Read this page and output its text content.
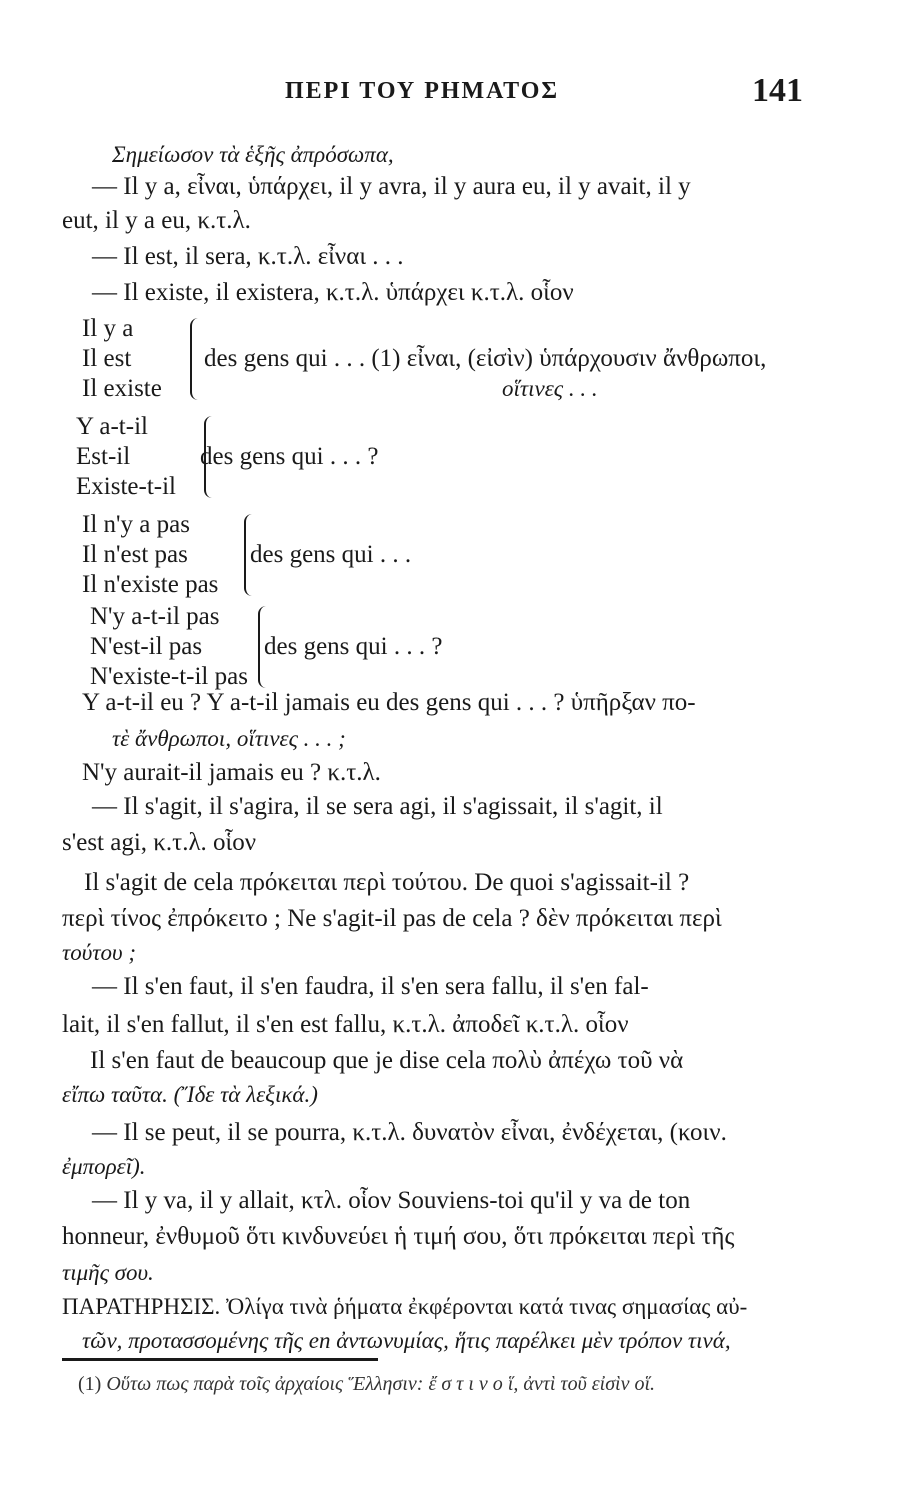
ΠΕΡΙ ΤΟΥ ΡΗΜΑΤΟΣ	141
Σημείωσον τὰ ἑξῆς ἀπρόσωπα,
— Il y a, εἶναι, ὑπάρχει, il y avra, il y aura eu, il y avait, il y
eut, il y a eu, κ.τ.λ.
— Il est, il sera, κ.τ.λ. εἶναι . . .
— Il existe, il existera, κ.τ.λ. ὑπάρχει κ.τ.λ. οἷον
Il y a
Il est
Il existe
des gens qui . . . (1) εἶναι, (εἰσὶν) ὑπάρχουσιν ἄνθρωποι,
οἵτινες . . .
Y a-t-il
Est-il
Existe-t-il
des gens qui . . . ?
Il n'y a pas
Il n'est pas
Il n'existe pas
des gens qui . . .
N'y a-t-il pas
N'est-il pas
N'existe-t-il pas
des gens qui . . . ?
Y a-t-il eu ? Y a-t-il jamais eu des gens qui . . . ? ὑπῆρξαν πο-
τὲ ἄνθρωποι, οἵτινες . . . ;
N'y aurait-il jamais eu ? κ.τ.λ.
— Il s'agit, il s'agira, il se sera agi, il s'agissait, il s'agit, il
s'est agi, κ.τ.λ. οἷον
Il s'agit de cela πρόκειται περὶ τούτου. De quoi s'agissait-il ?
περὶ τίνος ἐπρόκειτο ; Ne s'agit-il pas de cela ? δὲν πρόκειται περὶ
τούτου ;
— Il s'en faut, il s'en faudra, il s'en sera fallu, il s'en fal-
lait, il s'en fallut, il s'en est fallu, κ.τ.λ. ἀποδεῖ κ.τ.λ. οἷον
Il s'en faut de beaucoup que je dise cela πολὺ ἀπέχω τοῦ νὰ
εἴπω ταῦτα. (Ἴδε τὰ λεξικά.)
— Il se peut, il se pourra, κ.τ.λ. δυνατὸν εἶναι, ἐνδέχεται, (κοιν.
ἐμπορεῖ).
— Il y va, il y allait, κτλ. οἷον Souviens-toi qu'il y va de ton
honneur, ἐνθυμοῦ ὅτι κινδυνεύει ἡ τιμή σου, ὅτι πρόκειται περὶ τῆς
τιμῆς σου.
ΠΑΡΑΤΗΡΗΣΙΣ. Ὀλίγα τινὰ ῥήματα ἐκφέρονται κατά τινας σημασίας αὐ-
τῶν, προτασσομένης τῆς en ἀντωνυμίας, ἥτις παρέλκει μὲν τρόπον τινά,
(1) Οὕτω πως παρὰ τοῖς ἀρχαίοις Ἕλλησιν: ἔ σ τ ι ν ο ἵ, ἀντὶ τοῦ εἰσὶν οἵ.
